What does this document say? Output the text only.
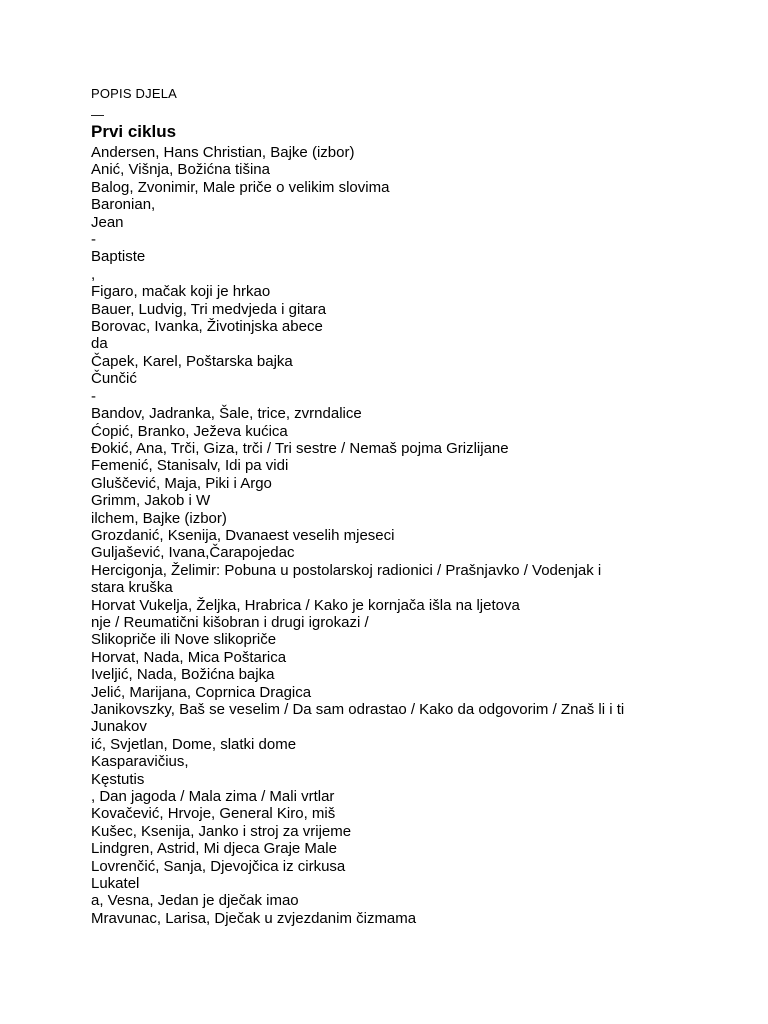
POPIS DJELA

—
Prvi ciklus
Andersen, Hans Christian, Bajke (izbor)
Anić, Višnja, Božićna tišina
Balog, Zvonimir, Male priče o velikim slovima
Baronian,
Jean
-
Baptiste
,
Figaro, mačak koji je hrkao
Bauer, Ludvig, Tri medvjeda i gitara
Borovac, Ivanka, Životinjska abece
da
Čapek, Karel, Poštarska bajka
Čunčić
-
Bandov, Jadranka, Šale, trice, zvrndalice
Ćopić, Branko, Ježeva kućica
Đokić, Ana, Trči, Giza, trči / Tri sestre / Nemaš pojma Grizlijane
Femenić, Stanisalv, Idi pa vidi
Gluščević, Maja, Piki i Argo
Grimm, Jakob i W
ilchem, Bajke (izbor)
Grozdanić, Ksenija, Dvanaest veselih mjeseci
Guljašević, Ivana,Čarapojedac
Hercigonja, Želimir: Pobuna u postolarskoj radionici / Prašnjavko / Vodenjak i
stara kruška
Horvat Vukelja, Željka, Hrabrica / Kako je kornjača išla na ljetova
nje / Reumatični kišobran i drugi igrokazi /
Slikopriče ili Nove slikopriče
Horvat, Nada, Mica Poštarica
Iveljić, Nada, Božićna bajka
Jelić, Marijana, Coprnica Dragica
Janikovszky, Baš se veselim / Da sam odrastao / Kako da odgovorim / Znaš li i ti
Junakov
ić, Svjetlan, Dome, slatki dome
Kasparavičius,
Kęstutis
, Dan jagoda / Mala zima / Mali vrtlar
Kovačević, Hrvoje, General Kiro, miš
Kušec, Ksenija, Janko i stroj za vrijeme
Lindgren, Astrid, Mi djeca Graje Male
Lovrenčić, Sanja, Djevojčica iz cirkusa
Lukatel
a, Vesna, Jedan je dječak imao
Mravunac, Larisa, Dječak u zvjezdanim čizmama
